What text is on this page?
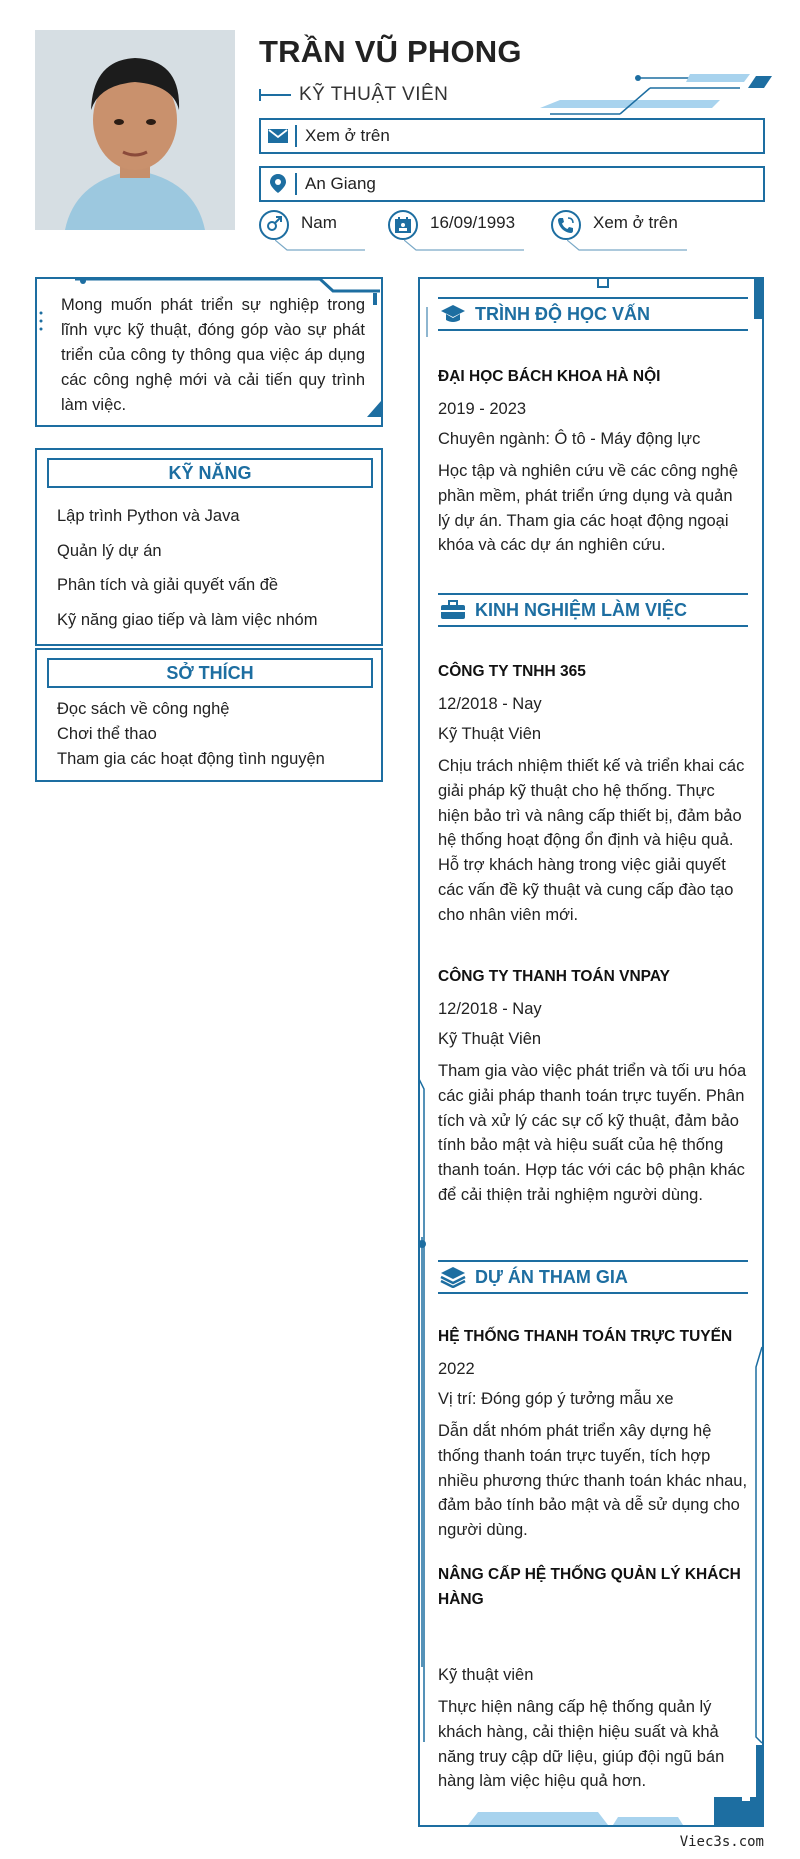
TRẦN VŨ PHONG
KỸ THUẬT VIÊN
Xem ở trên
An Giang
Nam	16/09/1993	Xem ở trên

Mong muốn phát triển sự nghiệp trong lĩnh vực kỹ thuật, đóng góp vào sự phát triển của công ty thông qua việc áp dụng các công nghệ mới và cải tiến quy trình làm việc.

KỸ NĂNG
Lập trình Python và Java
Quản lý dự án
Phân tích và giải quyết vấn đề
Kỹ năng giao tiếp và làm việc nhóm
SỞ THÍCH
Đọc sách về công nghệ
Chơi thể thao
Tham gia các hoạt động tình nguyện
TRÌNH ĐỘ HỌC VẤN
ĐẠI HỌC BÁCH KHOA HÀ NỘI
2019 - 2023
Chuyên ngành: Ô tô - Máy động lực
Học tập và nghiên cứu về các công nghệ phần mềm, phát triển ứng dụng và quản lý dự án. Tham gia các hoạt động ngoại khóa và các dự án nghiên cứu.
KINH NGHIỆM LÀM VIỆC
CÔNG TY TNHH 365
12/2018 - Nay
Kỹ Thuật Viên
Chịu trách nhiệm thiết kế và triển khai các giải pháp kỹ thuật cho hệ thống. Thực hiện bảo trì và nâng cấp thiết bị, đảm bảo hệ thống hoạt động ổn định và hiệu quả. Hỗ trợ khách hàng trong việc giải quyết các vấn đề kỹ thuật và cung cấp đào tạo cho nhân viên mới.
CÔNG TY THANH TOÁN VNPAY
12/2018 - Nay
Kỹ Thuật Viên
Tham gia vào việc phát triển và tối ưu hóa các giải pháp thanh toán trực tuyến. Phân tích và xử lý các sự cố kỹ thuật, đảm bảo tính bảo mật và hiệu suất của hệ thống thanh toán. Hợp tác với các bộ phận khác để cải thiện trải nghiệm người dùng.
DỰ ÁN THAM GIA
HỆ THỐNG THANH TOÁN TRỰC TUYẾN
2022
Vị trí: Đóng góp ý tưởng mẫu xe
Dẫn dắt nhóm phát triển xây dựng hệ thống thanh toán trực tuyến, tích hợp nhiều phương thức thanh toán khác nhau, đảm bảo tính bảo mật và dễ sử dụng cho người dùng.
NÂNG CẤP HỆ THỐNG QUẢN LÝ KHÁCH HÀNG
Kỹ thuật viên
Thực hiện nâng cấp hệ thống quản lý khách hàng, cải thiện hiệu suất và khả năng truy cập dữ liệu, giúp đội ngũ bán hàng làm việc hiệu quả hơn.
Viec3s.com
